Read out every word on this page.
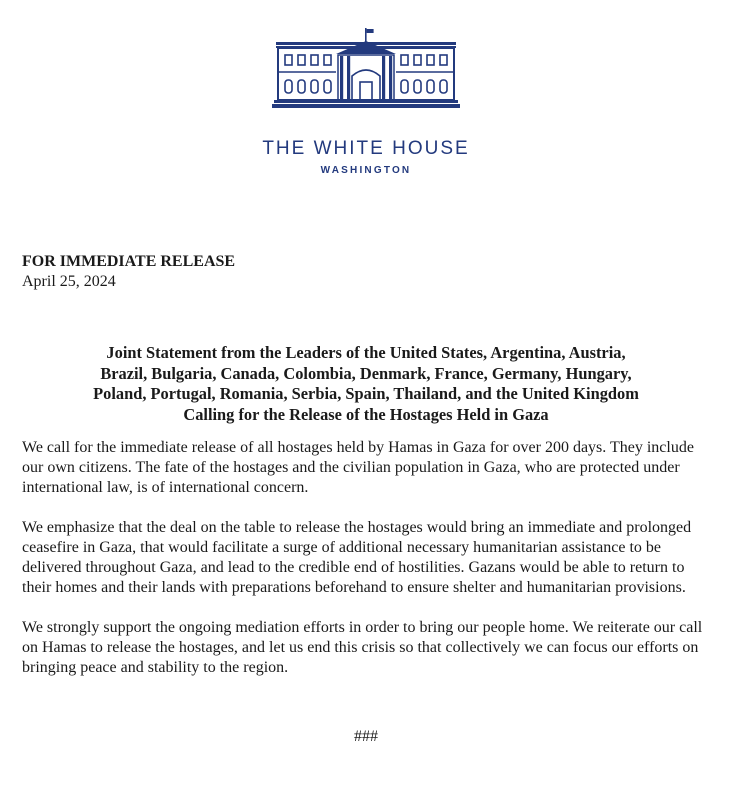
THE WHITE HOUSE
WASHINGTON
FOR IMMEDIATE RELEASE
April 25, 2024
Joint Statement from the Leaders of the United States, Argentina, Austria,
Brazil, Bulgaria, Canada, Colombia, Denmark, France, Germany, Hungary,
Poland, Portugal, Romania, Serbia, Spain, Thailand, and the United Kingdom
Calling for the Release of the Hostages Held in Gaza

We call for the immediate release of all hostages held by Hamas in Gaza for over 200 days. They include our own citizens. The fate of the hostages and the civilian population in Gaza, who are protected under international law, is of international concern.

We emphasize that the deal on the table to release the hostages would bring an immediate and prolonged ceasefire in Gaza, that would facilitate a surge of additional necessary humanitarian assistance to be delivered throughout Gaza, and lead to the credible end of hostilities. Gazans would be able to return to their homes and their lands with preparations beforehand to ensure shelter and humanitarian provisions.

We strongly support the ongoing mediation efforts in order to bring our people home. We reiterate our call on Hamas to release the hostages, and let us end this crisis so that collectively we can focus our efforts on bringing peace and stability to the region.

###
